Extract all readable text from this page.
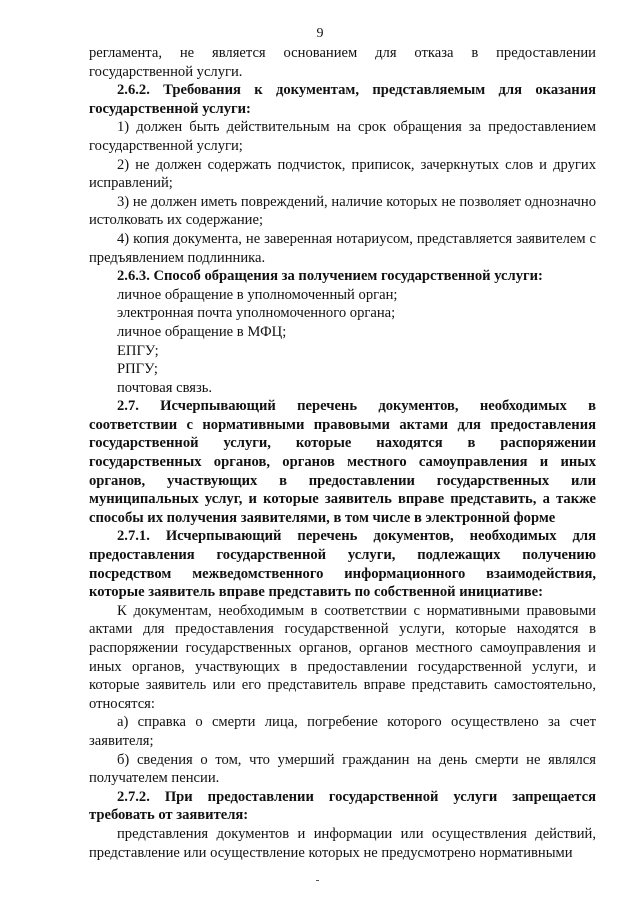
9

регламента, не является основанием для отказа в предоставлении государственной услуги.

2.6.2. Требования к документам, представляемым для оказания государственной услуги:

1) должен быть действительным на срок обращения за предоставлением государственной услуги;

2) не должен содержать подчисток, приписок, зачеркнутых слов и других исправлений;

3) не должен иметь повреждений, наличие которых не позволяет однозначно истолковать их содержание;

4) копия документа, не заверенная нотариусом, представляется заявителем с предъявлением подлинника.

2.6.3. Способ обращения за получением государственной услуги:

личное обращение в уполномоченный орган;

электронная почта уполномоченного органа;

личное обращение в МФЦ;

ЕПГУ;

РПГУ;

почтовая связь.

2.7. Исчерпывающий перечень документов, необходимых в соответствии с нормативными правовыми актами для предоставления государственной услуги, которые находятся в распоряжении государственных органов, органов местного самоуправления и иных органов, участвующих в предоставлении государственных или муниципальных услуг, и которые заявитель вправе представить, а также способы их получения заявителями, в том числе в электронной форме

2.7.1. Исчерпывающий перечень документов, необходимых для предоставления государственной услуги, подлежащих получению посредством межведомственного информационного взаимодействия, которые заявитель вправе представить по собственной инициативе:

К документам, необходимым в соответствии с нормативными правовыми актами для предоставления государственной услуги, которые находятся в распоряжении государственных органов, органов местного самоуправления и иных органов, участвующих в предоставлении государственной услуги, и которые заявитель или его представитель вправе представить самостоятельно, относятся:

а) справка о смерти лица, погребение которого осуществлено за счет заявителя;

б) сведения о том, что умерший гражданин на день смерти не являлся получателем пенсии.

2.7.2. При предоставлении государственной услуги запрещается требовать от заявителя:

представления документов и информации или осуществления действий, представление или осуществление которых не предусмотрено нормативными
